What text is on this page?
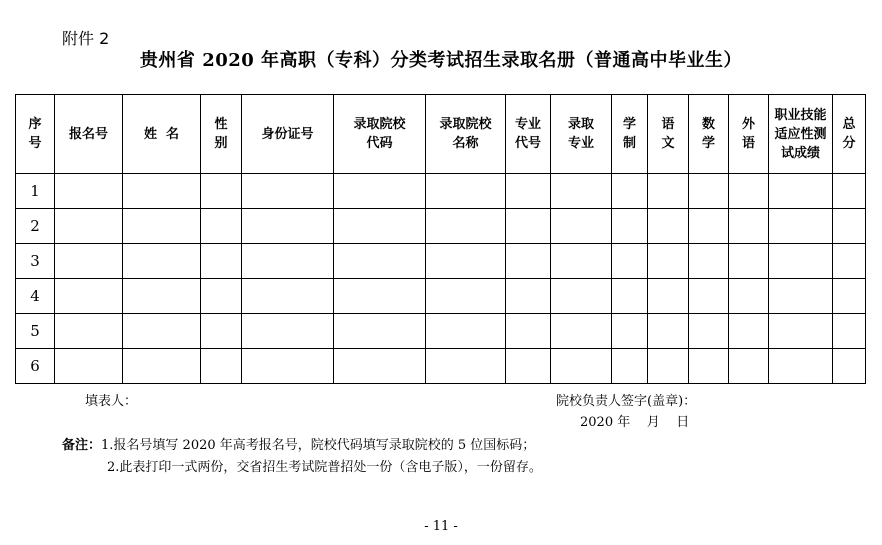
附件 2
贵州省 2020 年高职（专科）分类考试招生录取名册（普通高中毕业生）
序号	报名号	姓  名	性别	身份证号	录取院校代码	录取院校名称	专业代号	录取专业	学制	语文	数学	外语	职业技能适应性测试成绩	总分
1														
2														
3														
4														
5														
6														
填表人：	院校负责人签字(盖章)：
2020 年    月    日
备注：1.报名号填写 2020 年高考报名号，院校代码填写录取院校的 5 位国标码；
2.此表打印一式两份，交省招生考试院普招处一份（含电子版），一份留存。
- 11 -
